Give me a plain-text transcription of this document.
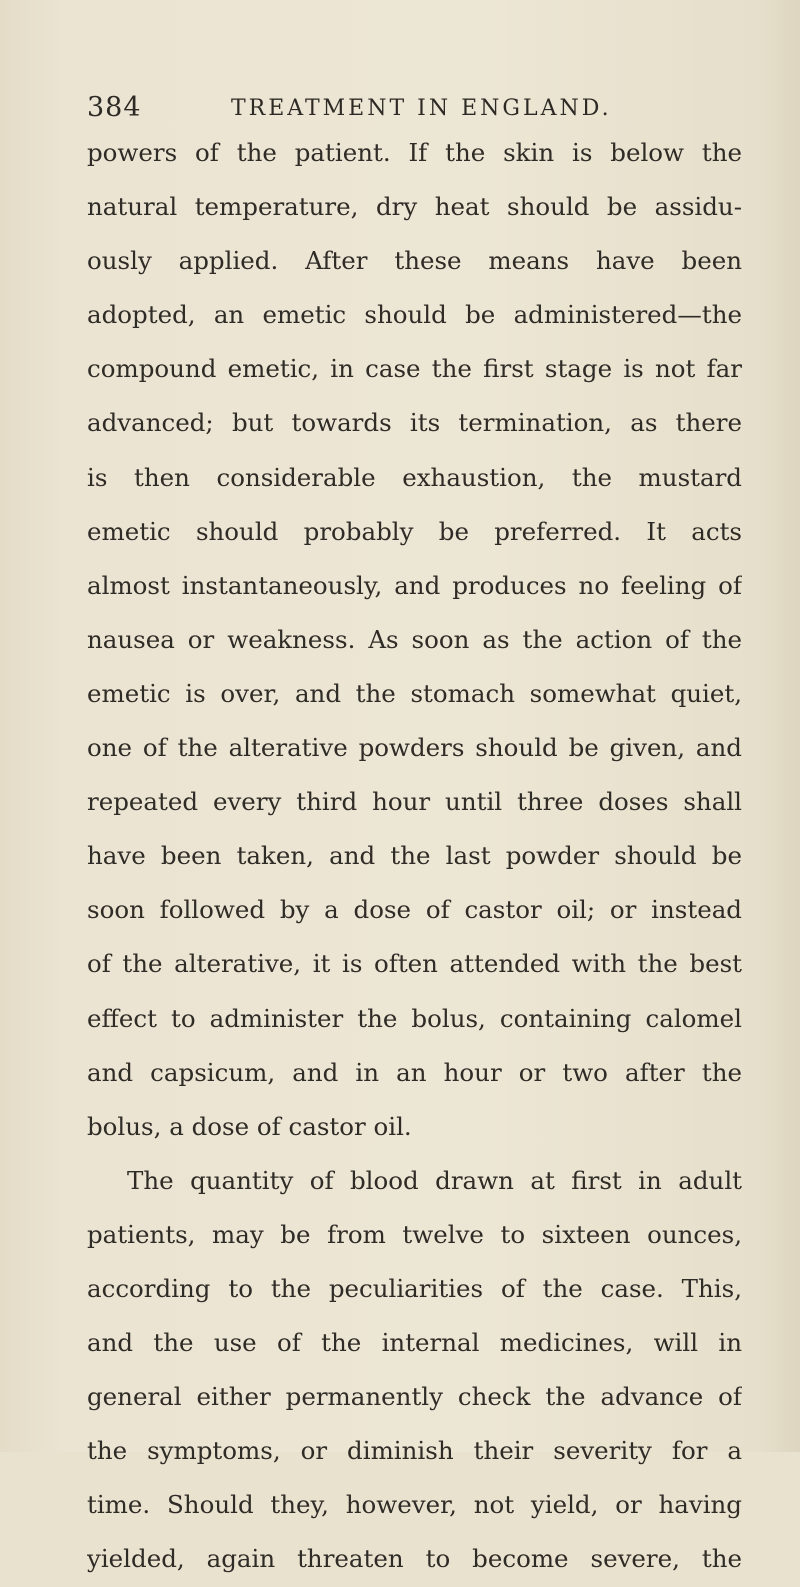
384	TREATMENT IN ENGLAND.
powers of the patient. If the skin is below the
natural temperature, dry heat should be assidu-
ously applied. After these means have been
adopted, an emetic should be administered—the
compound emetic, in case the first stage is not far
advanced; but towards its termination, as there
is then considerable exhaustion, the mustard
emetic should probably be preferred. It acts
almost instantaneously, and produces no feeling of
nausea or weakness. As soon as the action of the
emetic is over, and the stomach somewhat quiet,
one of the alterative powders should be given, and
repeated every third hour until three doses shall
have been taken, and the last powder should be
soon followed by a dose of castor oil; or instead
of the alterative, it is often attended with the best
effect to administer the bolus, containing calomel
and capsicum, and in an hour or two after the
bolus, a dose of castor oil.
The quantity of blood drawn at first in adult
patients, may be from twelve to sixteen ounces,
according to the peculiarities of the case. This,
and the use of the internal medicines, will in
general either permanently check the advance of
the symptoms, or diminish their severity for a
time. Should they, however, not yield, or having
yielded, again threaten to become severe, the
